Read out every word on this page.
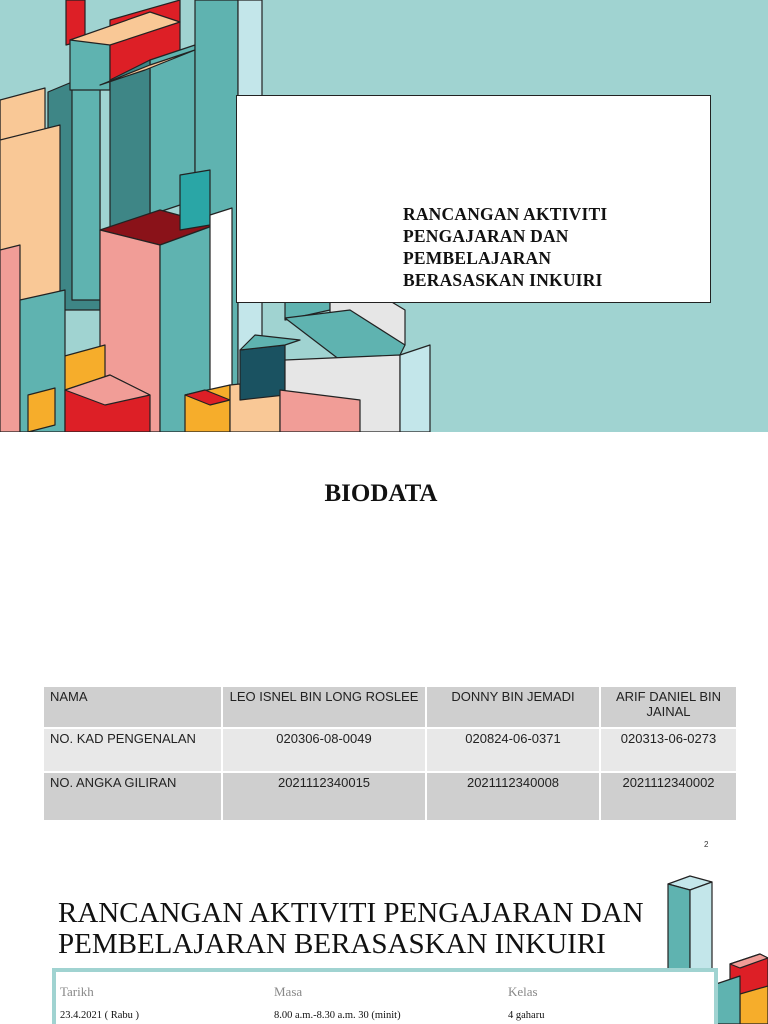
RANCANGAN AKTIVITI
PENGAJARAN DAN
PEMBELAJARAN
BERASASKAN INKUIRI
BIODATA
NAMA	LEO ISNEL BIN LONG ROSLEE	DONNY BIN JEMADI	ARIF DANIEL BIN JAINAL
NO. KAD PENGENALAN	020306-08-0049	020824-06-0371	020313-06-0273
NO. ANGKA GILIRAN	2021112340015	2021112340008	2021112340002
2
RANCANGAN AKTIVITI PENGAJARAN DAN
PEMBELAJARAN BERASASKAN INKUIRI
Tarikh	Masa	Kelas
23.4.2021 ( Rabu )	8.00 a.m.-8.30 a.m. 30 (minit)	4 gaharu
